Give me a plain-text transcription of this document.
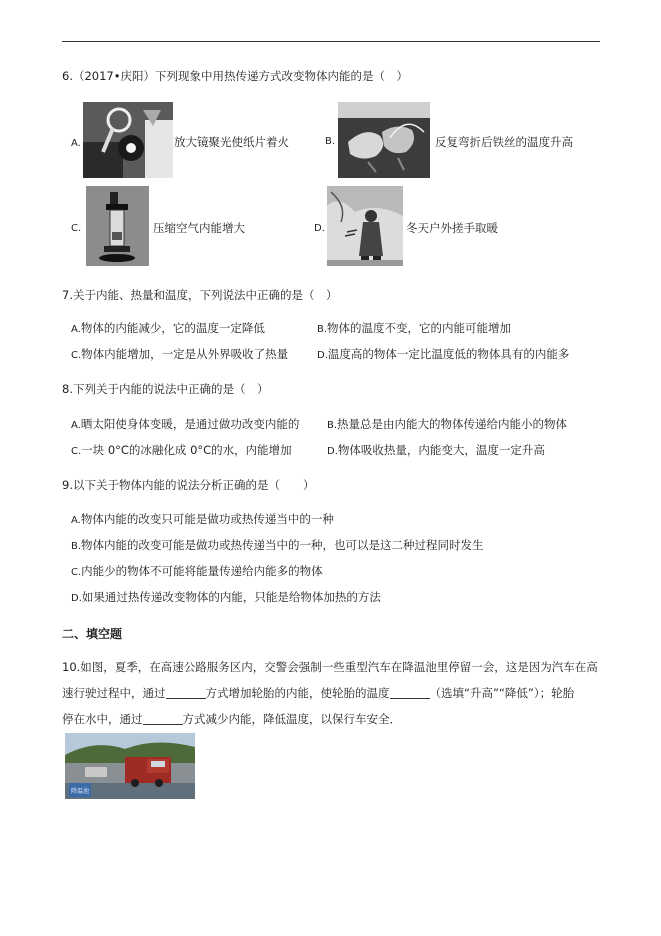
6.（2017•庆阳）下列现象中用热传递方式改变物体内能的是（　）
A.	放大镜聚光使纸片着火	B.	反复弯折后铁丝的温度升高
C.	压缩空气内能增大	D.	冬天户外搓手取暖
7.关于内能、热量和温度，下列说法中正确的是（　）
A.物体的内能减少，它的温度一定降低	B.物体的温度不变，它的内能可能增加
C.物体内能增加，一定是从外界吸收了热量	D.温度高的物体一定比温度低的物体具有的内能多
8.下列关于内能的说法中正确的是（　）
A.晒太阳使身体变暖，是通过做功改变内能的	B.热量总是由内能大的物体传递给内能小的物体
C.一块 0°C的冰融化成 0°C的水，内能增加	D.物体吸收热量，内能变大，温度一定升高
9.以下关于物体内能的说法分析正确的是（　　）
A.物体内能的改变只可能是做功或热传递当中的一种
B.物体内能的改变可能是做功或热传递当中的一种，也可以是这二种过程同时发生
C.内能少的物体不可能将能量传递给内能多的物体
D.如果通过热传递改变物体的内能，只能是给物体加热的方法
二、填空题
10.如图，夏季，在高速公路服务区内，交警会强制一些重型汽车在降温池里停留一会，这是因为汽车在高
速行驶过程中，通过	方式增加轮胎的内能，使轮胎的温度	（选填“升高”“降低”）；轮胎
停在水中，通过	方式减少内能，降低温度，以保行车安全．
降温池
